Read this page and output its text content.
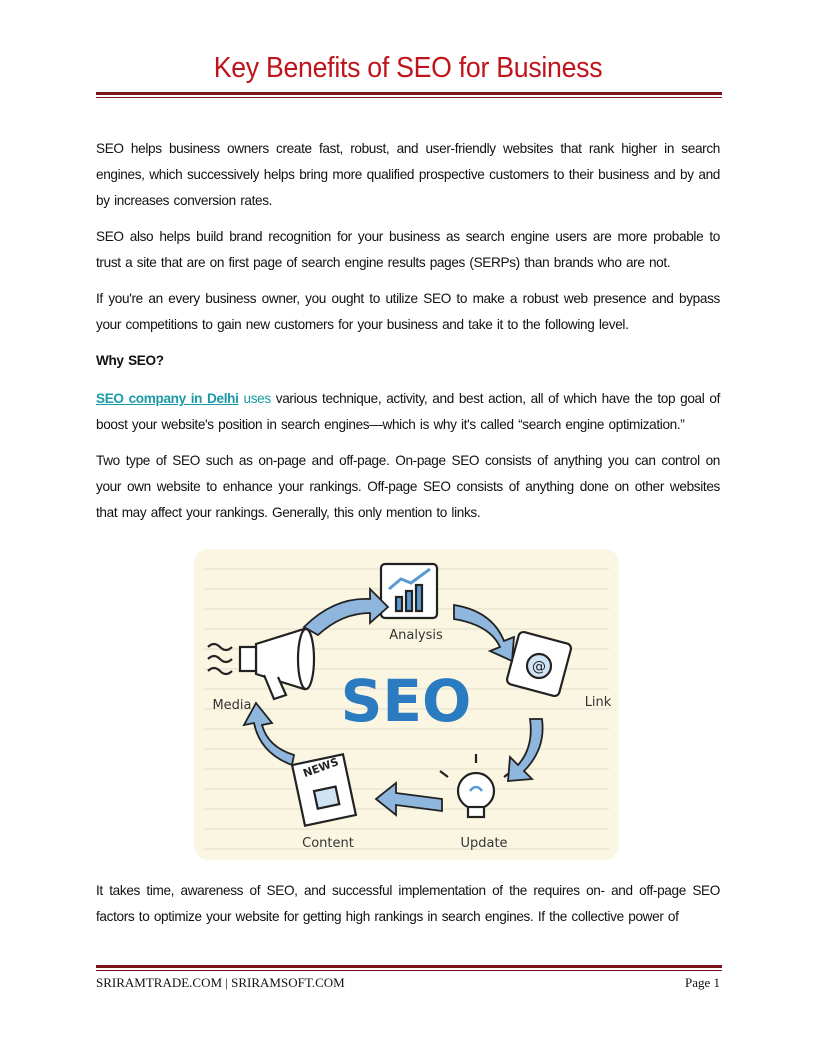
Key Benefits of SEO for Business

SEO helps business owners create fast, robust, and user-friendly websites that rank higher in search engines, which successively helps bring more qualified prospective customers to their business and by and by increases conversion rates.

SEO also helps build brand recognition for your business as search engine users are more probable to trust a site that are on first page of search engine results pages (SERPs) than brands who are not.

If you're an every business owner, you ought to utilize SEO to make a robust web presence and bypass your competitions to gain new customers for your business and take it to the following level.

Why SEO?

SEO company in Delhi uses various technique, activity, and best action, all of which have the top goal of boost your website's position in search engines—which is why it's called “search engine optimization.”

Two type of SEO such as on-page and off-page. On-page SEO consists of anything you can control on your own website to enhance your rankings. Off-page SEO consists of anything done on other websites that may affect your rankings. Generally, this only mention to links.

SEO
Analysis
@
Link
Update
NEWS
Content
Media

It takes time, awareness of SEO, and successful implementation of the requires on- and off-page SEO factors to optimize your website for getting high rankings in search engines. If the collective power of

SRIRAMTRADE.COM | SRIRAMSOFT.COM	Page 1
